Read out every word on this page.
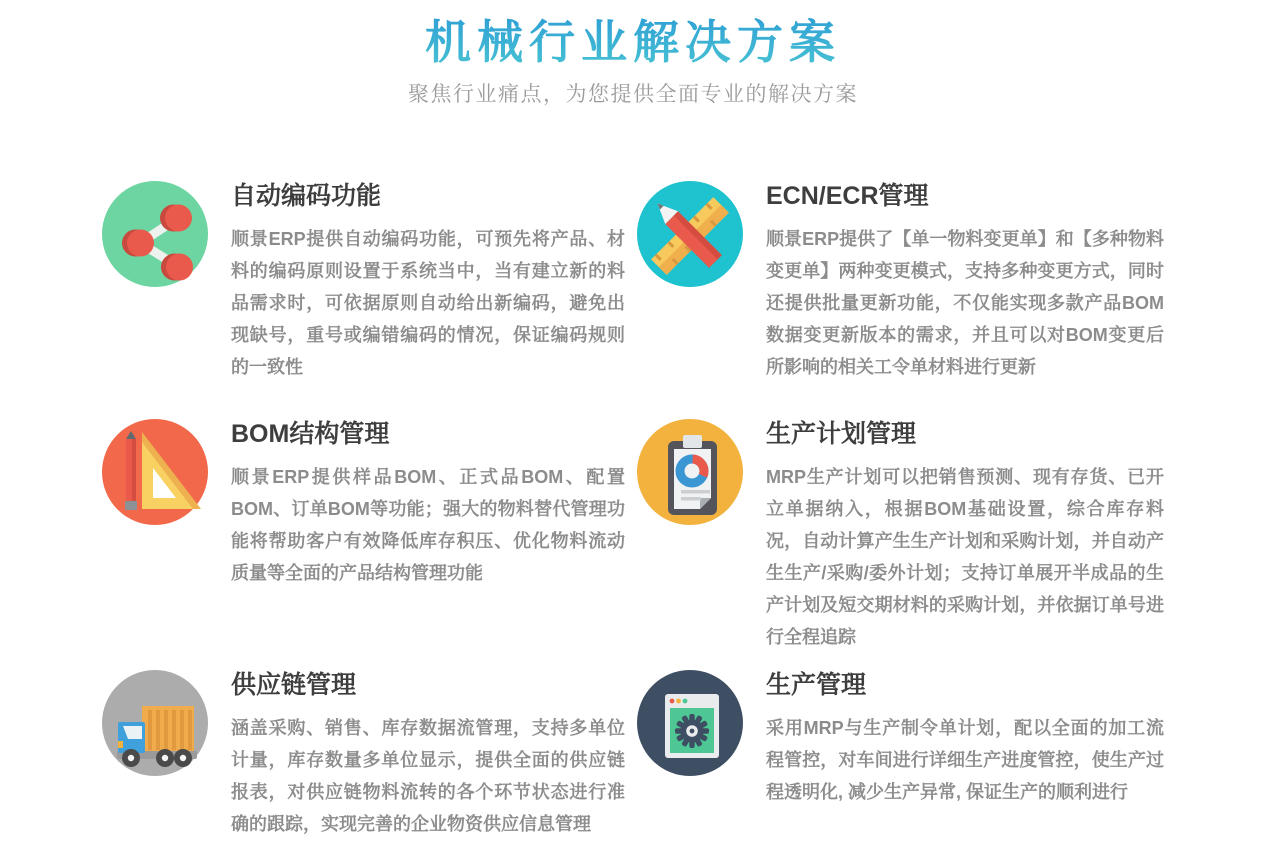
机械行业解决方案

聚焦行业痛点，为您提供全面专业的解决方案

自动编码功能

顺景ERP提供自动编码功能，可预先将产品、材料的编码原则设置于系统当中，当有建立新的料品需求时，可依据原则自动给出新编码，避免出现缺号，重号或编错编码的情况，保证编码规则的一致性

ECN/ECR管理

顺景ERP提供了【单一物料变更单】和【多种物料变更单】两种变更模式，支持多种变更方式，同时还提供批量更新功能，不仅能实现多款产品BOM数据变更新版本的需求，并且可以对BOM变更后所影响的相关工令单材料进行更新

BOM结构管理

顺景ERP提供样品BOM、正式品BOM、配置BOM、订单BOM等功能；强大的物料替代管理功能将帮助客户有效降低库存积压、优化物料流动质量等全面的产品结构管理功能

生产计划管理

MRP生产计划可以把销售预测、现有存货、已开立单据纳入，根据BOM基础设置，综合库存料况，自动计算产生生产计划和采购计划，并自动产生生产/采购/委外计划；支持订单展开半成品的生产计划及短交期材料的采购计划，并依据订单号进行全程追踪

供应链管理

涵盖采购、销售、库存数据流管理，支持多单位计量，库存数量多单位显示，提供全面的供应链报表，对供应链物料流转的各个环节状态进行准确的跟踪，实现完善的企业物资供应信息管理

生产管理

采用MRP与生产制令单计划，配以全面的加工流程管控，对车间进行详细生产进度管控，使生产过程透明化, 减少生产异常, 保证生产的顺利进行
